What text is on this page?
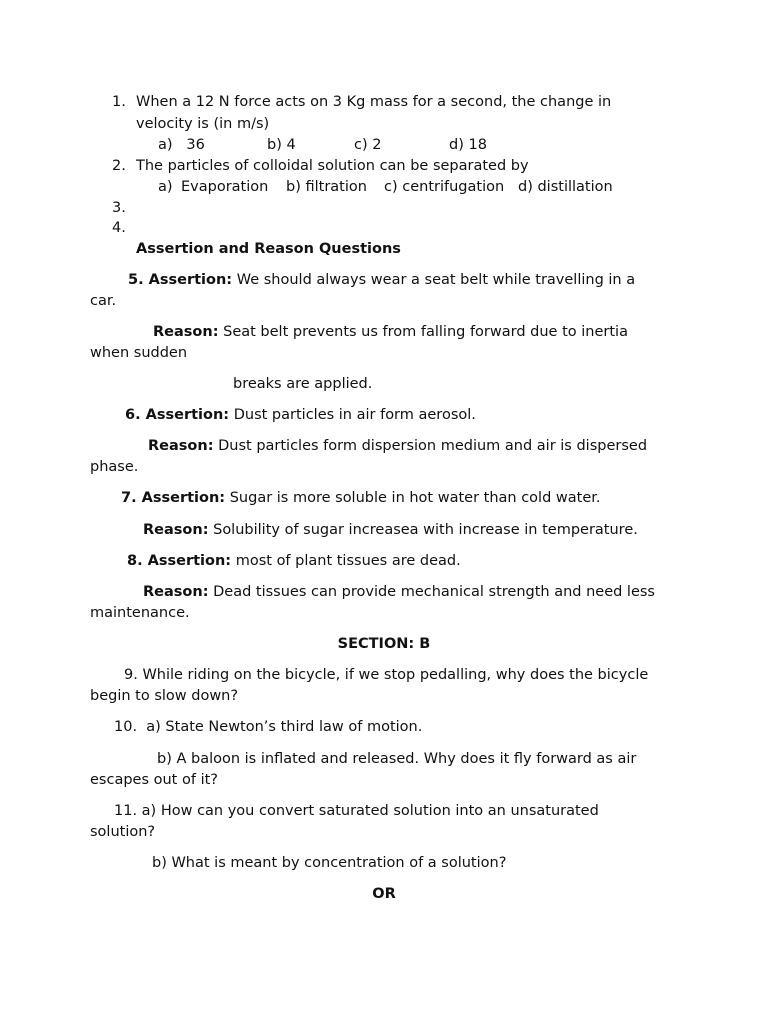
1. When a 12 N force acts on 3 Kg mass for a second, the change in
velocity is (in m/s)
a)   36	b) 4	c) 2	d) 18
2. The particles of colloidal solution can be separated by
a) Evaporation b) filtration c) centrifugation d) distillation
3.
4.
Assertion and Reason Questions
5. Assertion: We should always wear a seat belt while travelling in a
car.
Reason: Seat belt prevents us from falling forward due to inertia
when sudden
breaks are applied.
6. Assertion: Dust particles in air form aerosol.
Reason: Dust particles form dispersion medium and air is dispersed
phase.
7. Assertion: Sugar is more soluble in hot water than cold water.
Reason: Solubility of sugar increasea with increase in temperature.
8. Assertion: most of plant tissues are dead.
Reason: Dead tissues can provide mechanical strength and need less
maintenance.
SECTION: B
9. While riding on the bicycle, if we stop pedalling, why does the bicycle
begin to slow down?
10.  a) State Newton’s third law of motion.
b) A baloon is inflated and released. Why does it fly forward as air
escapes out of it?
11. a) How can you convert saturated solution into an unsaturated
solution?
b) What is meant by concentration of a solution?
OR
